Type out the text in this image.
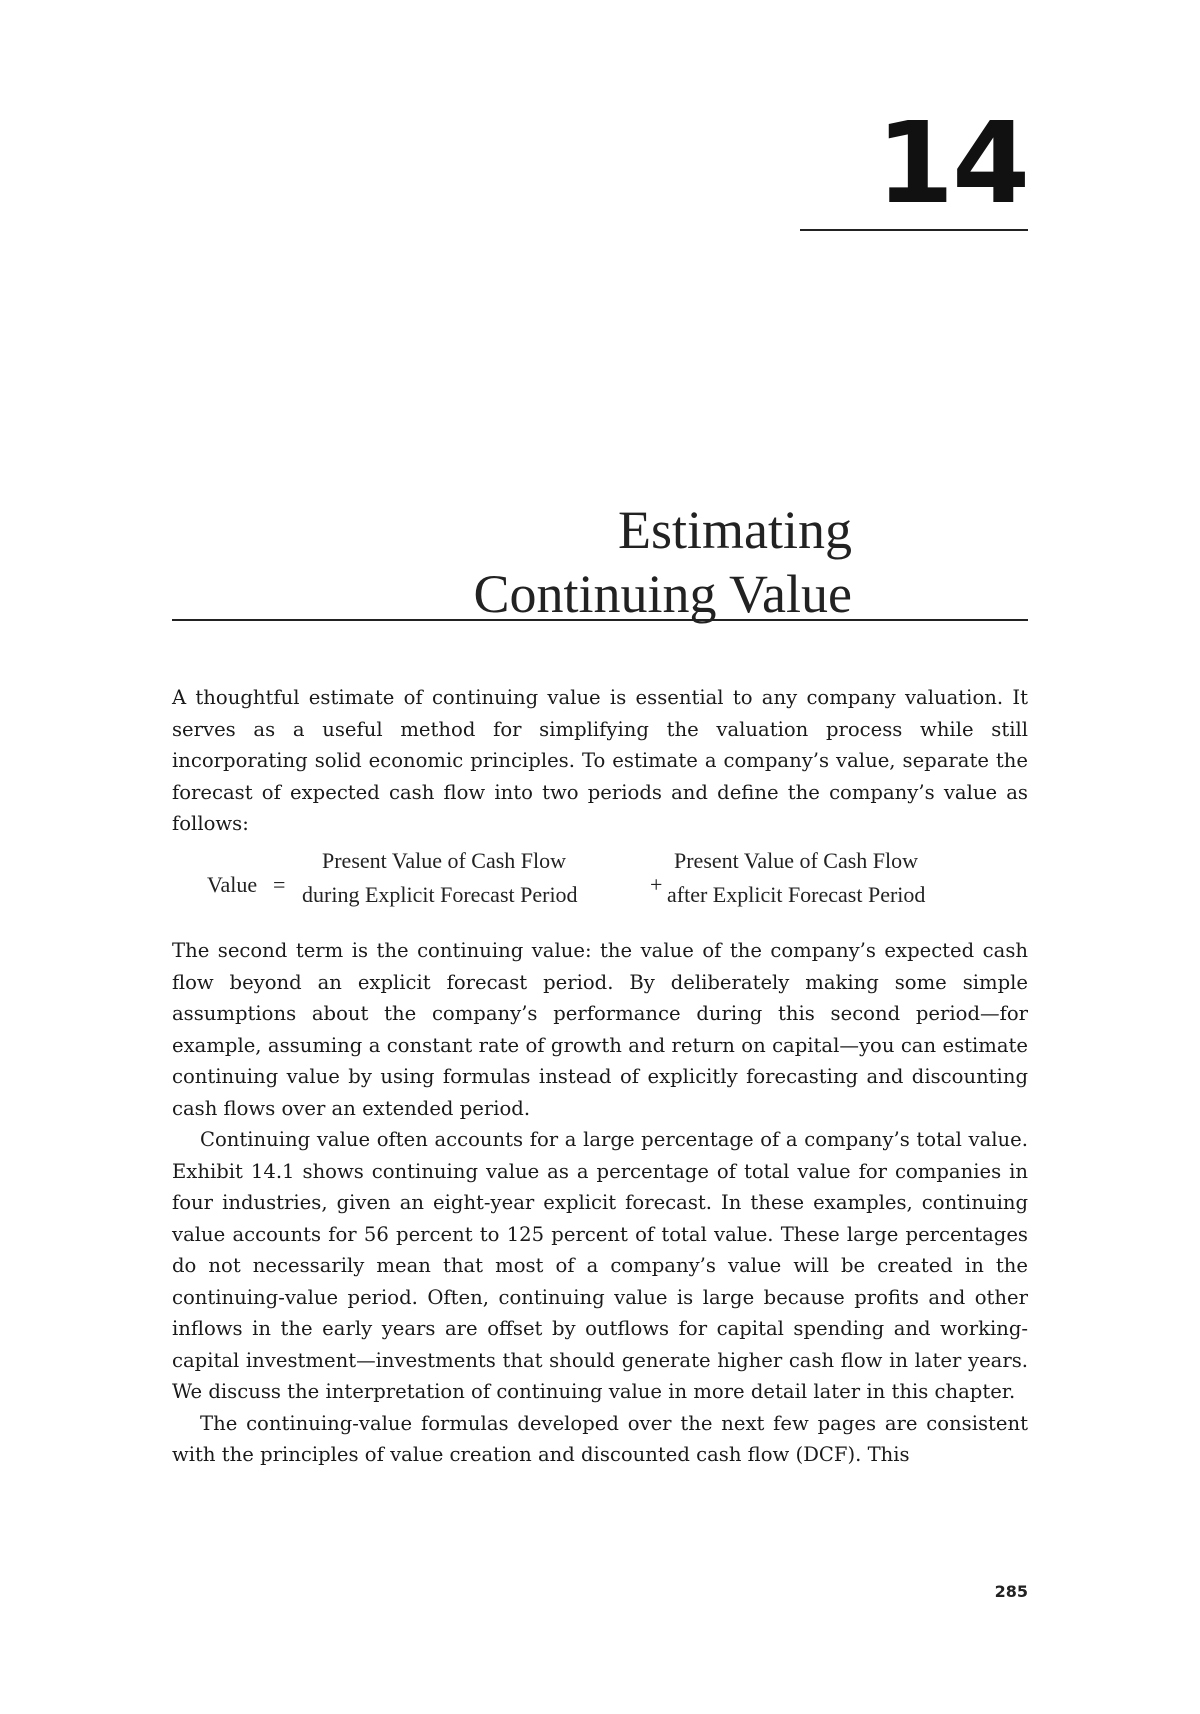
14
Estimating
Continuing Value

A thoughtful estimate of continuing value is essential to any company valuation. It serves as a useful method for simplifying the valuation process while still incorporating solid economic principles. To estimate a company’s value, separate the forecast of expected cash flow into two periods and define the company’s value as follows:

Value =
Present Value of Cash Flow
during Explicit Forecast Period	+
Present Value of Cash Flow
after Explicit Forecast Period

The second term is the continuing value: the value of the company’s expected cash flow beyond an explicit forecast period. By deliberately making some simple assumptions about the company’s performance during this second period—for example, assuming a constant rate of growth and return on capital—you can estimate continuing value by using formulas instead of explicitly forecasting and discounting cash flows over an extended period.

Continuing value often accounts for a large percentage of a company’s total value. Exhibit 14.1 shows continuing value as a percentage of total value for companies in four industries, given an eight-year explicit forecast. In these examples, continuing value accounts for 56 percent to 125 percent of total value. These large percentages do not necessarily mean that most of a company’s value will be created in the continuing-value period. Often, continuing value is large because profits and other inflows in the early years are offset by outflows for capital spending and working-capital investment—investments that should generate higher cash flow in later years. We discuss the interpretation of continuing value in more detail later in this chapter.

The continuing-value formulas developed over the next few pages are consistent with the principles of value creation and discounted cash flow (DCF). This

285
